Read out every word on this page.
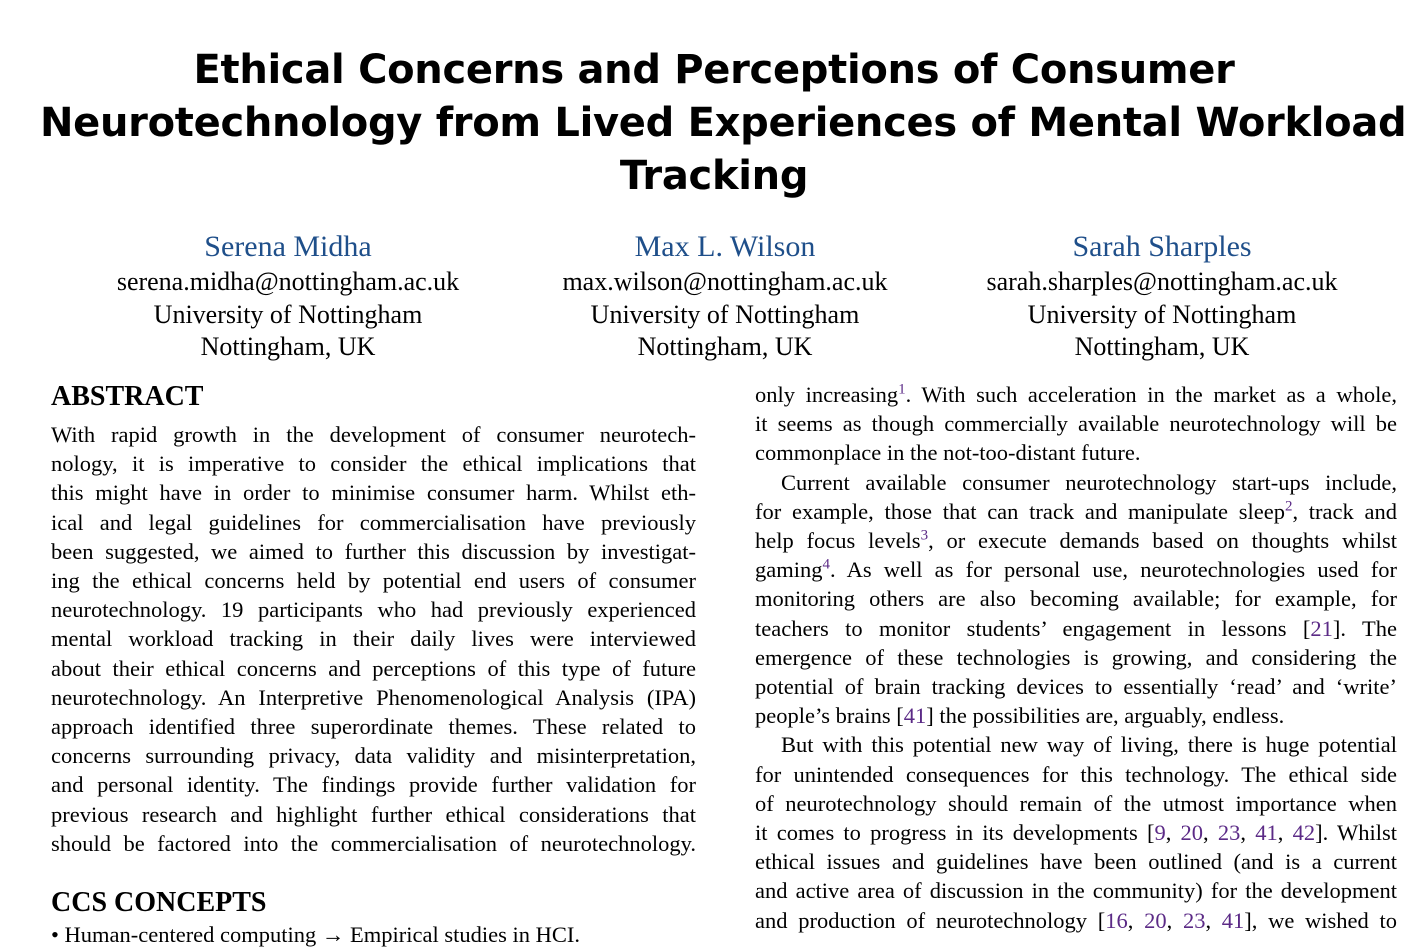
Ethical Concerns and Perceptions of Consumer
Neurotechnology from Lived Experiences of Mental Workload
Tracking
Serena Midha
serena.midha@nottingham.ac.uk
University of Nottingham
Nottingham, UK
Max L. Wilson
max.wilson@nottingham.ac.uk
University of Nottingham
Nottingham, UK
Sarah Sharples
sarah.sharples@nottingham.ac.uk
University of Nottingham
Nottingham, UK
ABSTRACT
With rapid growth in the development of consumer neurotech-
nology, it is imperative to consider the ethical implications that
this might have in order to minimise consumer harm. Whilst eth-
ical and legal guidelines for commercialisation have previously
been suggested, we aimed to further this discussion by investigat-
ing the ethical concerns held by potential end users of consumer
neurotechnology. 19 participants who had previously experienced
mental workload tracking in their daily lives were interviewed
about their ethical concerns and perceptions of this type of future
neurotechnology. An Interpretive Phenomenological Analysis (IPA)
approach identified three superordinate themes. These related to
concerns surrounding privacy, data validity and misinterpretation,
and personal identity. The findings provide further validation for
previous research and highlight further ethical considerations that
should be factored into the commercialisation of neurotechnology.
CCS CONCEPTS
• Human-centered computing → Empirical studies in HCI.
only increasing$^1$. With such acceleration in the market as a whole,
it seems as though commercially available neurotechnology will be
commonplace in the not-too-distant future.
Current available consumer neurotechnology start-ups include,
for example, those that can track and manipulate sleep$^2$, track and
help focus levels$^3$, or execute demands based on thoughts whilst
gaming$^4$. As well as for personal use, neurotechnologies used for
monitoring others are also becoming available; for example, for
teachers to monitor students’ engagement in lessons [21]. The
emergence of these technologies is growing, and considering the
potential of brain tracking devices to essentially ‘read’ and ‘write’
people’s brains [41] the possibilities are, arguably, endless.
But with this potential new way of living, there is huge potential
for unintended consequences for this technology. The ethical side
of neurotechnology should remain of the utmost importance when
it comes to progress in its developments [9, 20, 23, 41, 42]. Whilst
ethical issues and guidelines have been outlined (and is a current
and active area of discussion in the community) for the development
and production of neurotechnology [16, 20, 23, 41], we wished to
